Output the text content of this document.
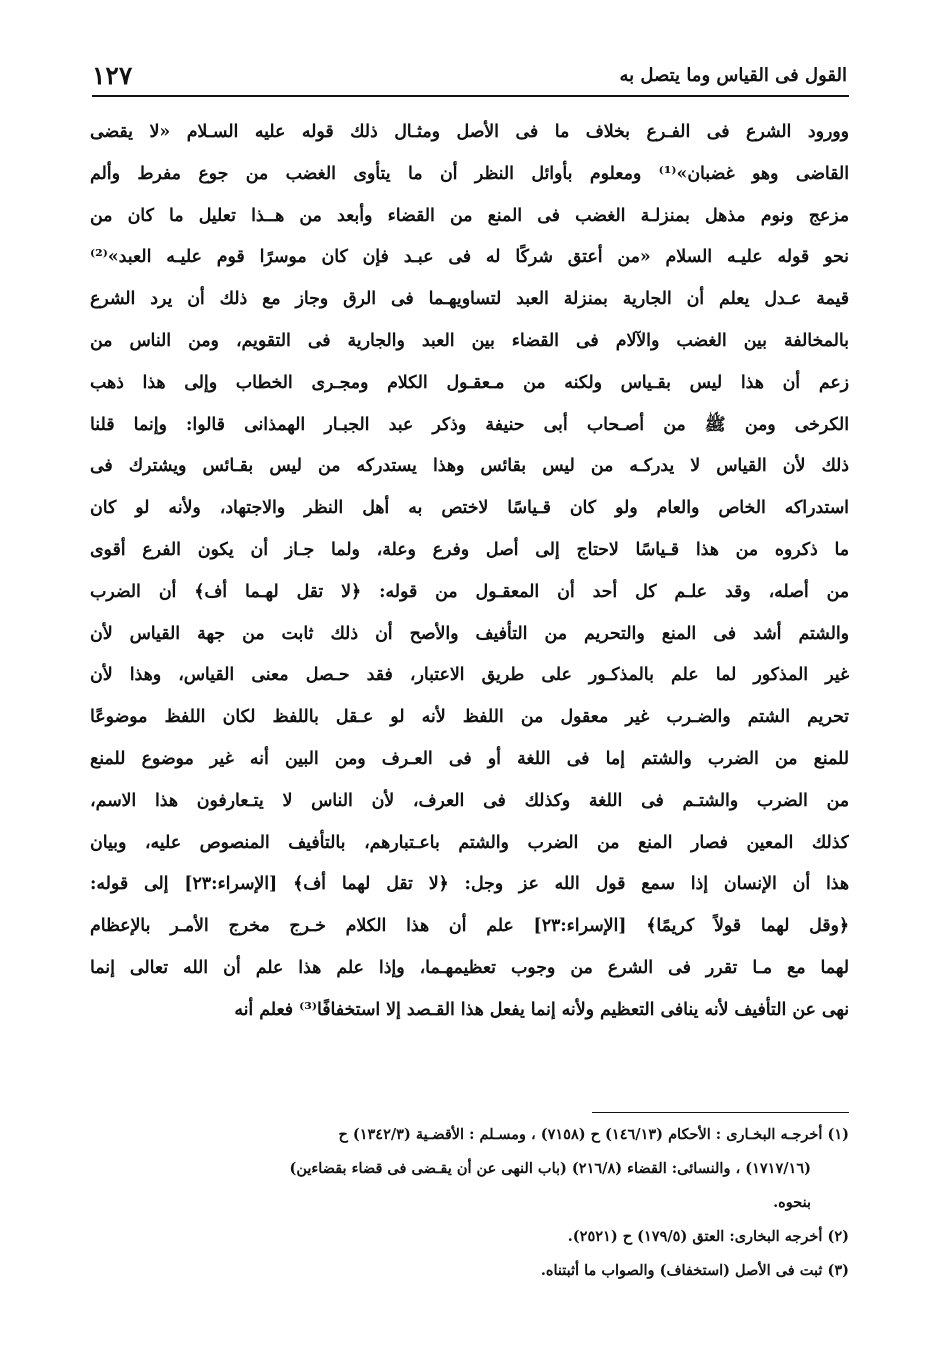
القول فى القياس وما يتصل به
١٢٧
وورود الشرع فى الفـرع بخلاف ما فى الأصل ومثـال ذلك قوله عليه السـلام «لا يقضى
القاضى وهو غضبان»⁽¹⁾ ومعلوم بأوائل النظر أن ما يتأوى الغضب من جوع مفرط وألم
مزعج ونوم مذهل بمنزلـة الغضب فى المنع من القضاء وأبعد من هــذا تعليل ما كان من
نحو قوله عليـه السلام «من أعتق شركًا له فى عبـد فإن كان موسرًا قوم عليـه العبد»⁽²⁾
قيمة عـدل يعلم أن الجارية بمنزلة العبد لتساويهـما فى الرق وجاز مع ذلك أن يرد الشرع
بالمخالفة بين الغضب والآلام فى القضاء بين العبد والجارية فى التقويم، ومن الناس من
زعم أن هذا ليس بقـياس ولكنه من مـعقـول الكلام ومجـرى الخطاب وإلى هذا ذهب
الكرخى ومن ﷺ من أصـحاب أبى حنيفة وذكر عبد الجبـار الهمذانى قالوا: وإنما قلنا
ذلك لأن القياس لا يدركـه من ليس بقائس وهذا يستدركه من ليس بقـائس ويشترك فى
استدراكه الخاص والعام ولو كان قـياسًا لاختص به أهل النظر والاجتهاد، ولأنه لو كان
ما ذكروه من هذا قـياسًا لاحتاج إلى أصل وفرع وعلة، ولما جـاز أن يكون الفرع أقوى
من أصله، وقد علـم كل أحد أن المعقـول من قوله: ﴿لا تقل لهـما أف﴾ أن الضرب
والشتم أشد فى المنع والتحريم من التأفيف والأصح أن ذلك ثابت من جهة القياس لأن
غير المذكور لما علم بالمذكـور على طريق الاعتبار، فقد حـصل معنى القياس، وهذا لأن
تحريم الشتم والضـرب غير معقول من اللفظ لأنه لو عـقل باللفظ لكان اللفظ موضوعًا
للمنع من الضرب والشتم إما فى اللغة أو فى العـرف ومن البين أنه غير موضوع للمنع
من الضرب والشتـم فى اللغة وكذلك فى العرف، لأن الناس لا يتـعارفون هذا الاسم،
كذلك المعين فصار المنع من الضرب والشتم باعـتبارهم، بالتأفيف المنصوص عليه، وبيان
هذا أن الإنسان إذا سمع قول الله عز وجل: ﴿لا تقل لهما أف﴾ [الإسراء:٢٣] إلى قوله:
﴿وقل لهما قولاً كريمًا﴾ [الإسراء:٢٣] علم أن هذا الكلام خـرج مخرج الأمـر بالإعظام
لهما مع مـا تقرر فى الشرع من وجوب تعظيمهـما، وإذا علم هذا علم أن الله تعالى إنما
نهى عن التأفيف لأنه ينافى التعظيم ولأنه إنما يفعل هذا القـصد إلا استخفافًا⁽³⁾ فعلم أنه
(١) أخرجـه البخـارى : الأحكام (١٤٦/١٣) ح (٧١٥٨) ، ومسـلم : الأقضـية (١٣٤٢/٣) ح
(١٧١٧/١٦) ، والنسائى: القضاء (٢١٦/٨) (باب النهى عن أن يقـضى فى قضاء بقضاءين)
بنحوه.
(٢) أخرجه البخارى: العتق (١٧٩/٥) ح (٢٥٢١).
(٣) ثبت فى الأصل (استخفاف) والصواب ما أثبتناه.
